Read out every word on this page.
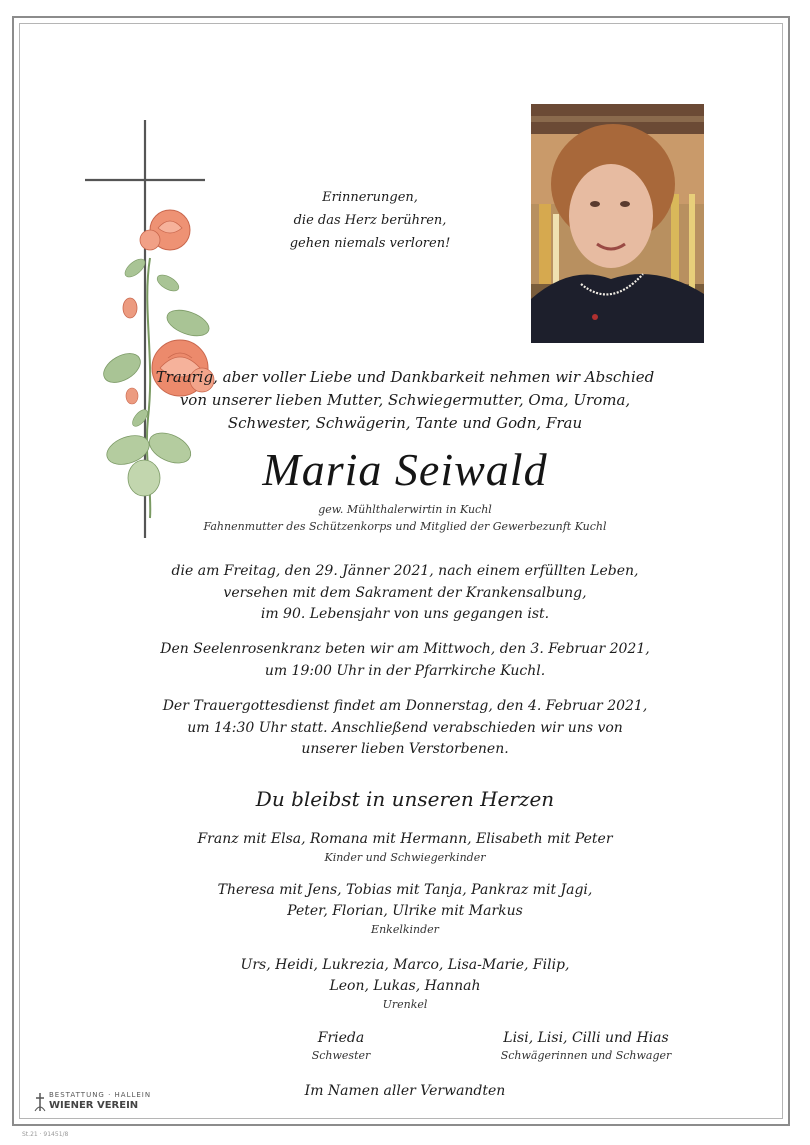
Erinnerungen,
die das Herz berühren,
gehen niemals verloren!
Traurig, aber voller Liebe und Dankbarkeit nehmen wir Abschied
von unserer lieben Mutter, Schwiegermutter, Oma, Uroma,
Schwester, Schwägerin, Tante und Godn, Frau
Maria Seiwald
gew. Mühlthalerwirtin in Kuchl
Fahnenmutter des Schützenkorps und Mitglied der Gewerbezunft Kuchl
die am Freitag, den 29. Jänner 2021, nach einem erfüllten Leben,
versehen mit dem Sakrament der Krankensalbung,
im 90. Lebensjahr von uns gegangen ist.
Den Seelenrosenkranz beten wir am Mittwoch, den 3. Februar 2021,
um 19:00 Uhr in der Pfarrkirche Kuchl.
Der Trauergottesdienst findet am Donnerstag, den 4. Februar 2021,
um 14:30 Uhr statt. Anschließend verabschieden wir uns von
unserer lieben Verstorbenen.
Du bleibst in unseren Herzen
Franz mit Elsa, Romana mit Hermann, Elisabeth mit Peter
Kinder und Schwiegerkinder
Theresa mit Jens, Tobias mit Tanja, Pankraz mit Jagi,
Peter, Florian, Ulrike mit Markus
Enkelkinder
Urs, Heidi, Lukrezia, Marco, Lisa-Marie, Filip,
Leon, Lukas, Hannah
Urenkel
Frieda
Schwester
Lisi, Lisi, Cilli und Hias
Schwägerinnen und Schwager
Im Namen aller Verwandten
BESTATTUNG · HALLEIN
WIENER VEREIN
St.21 · 91451/8
